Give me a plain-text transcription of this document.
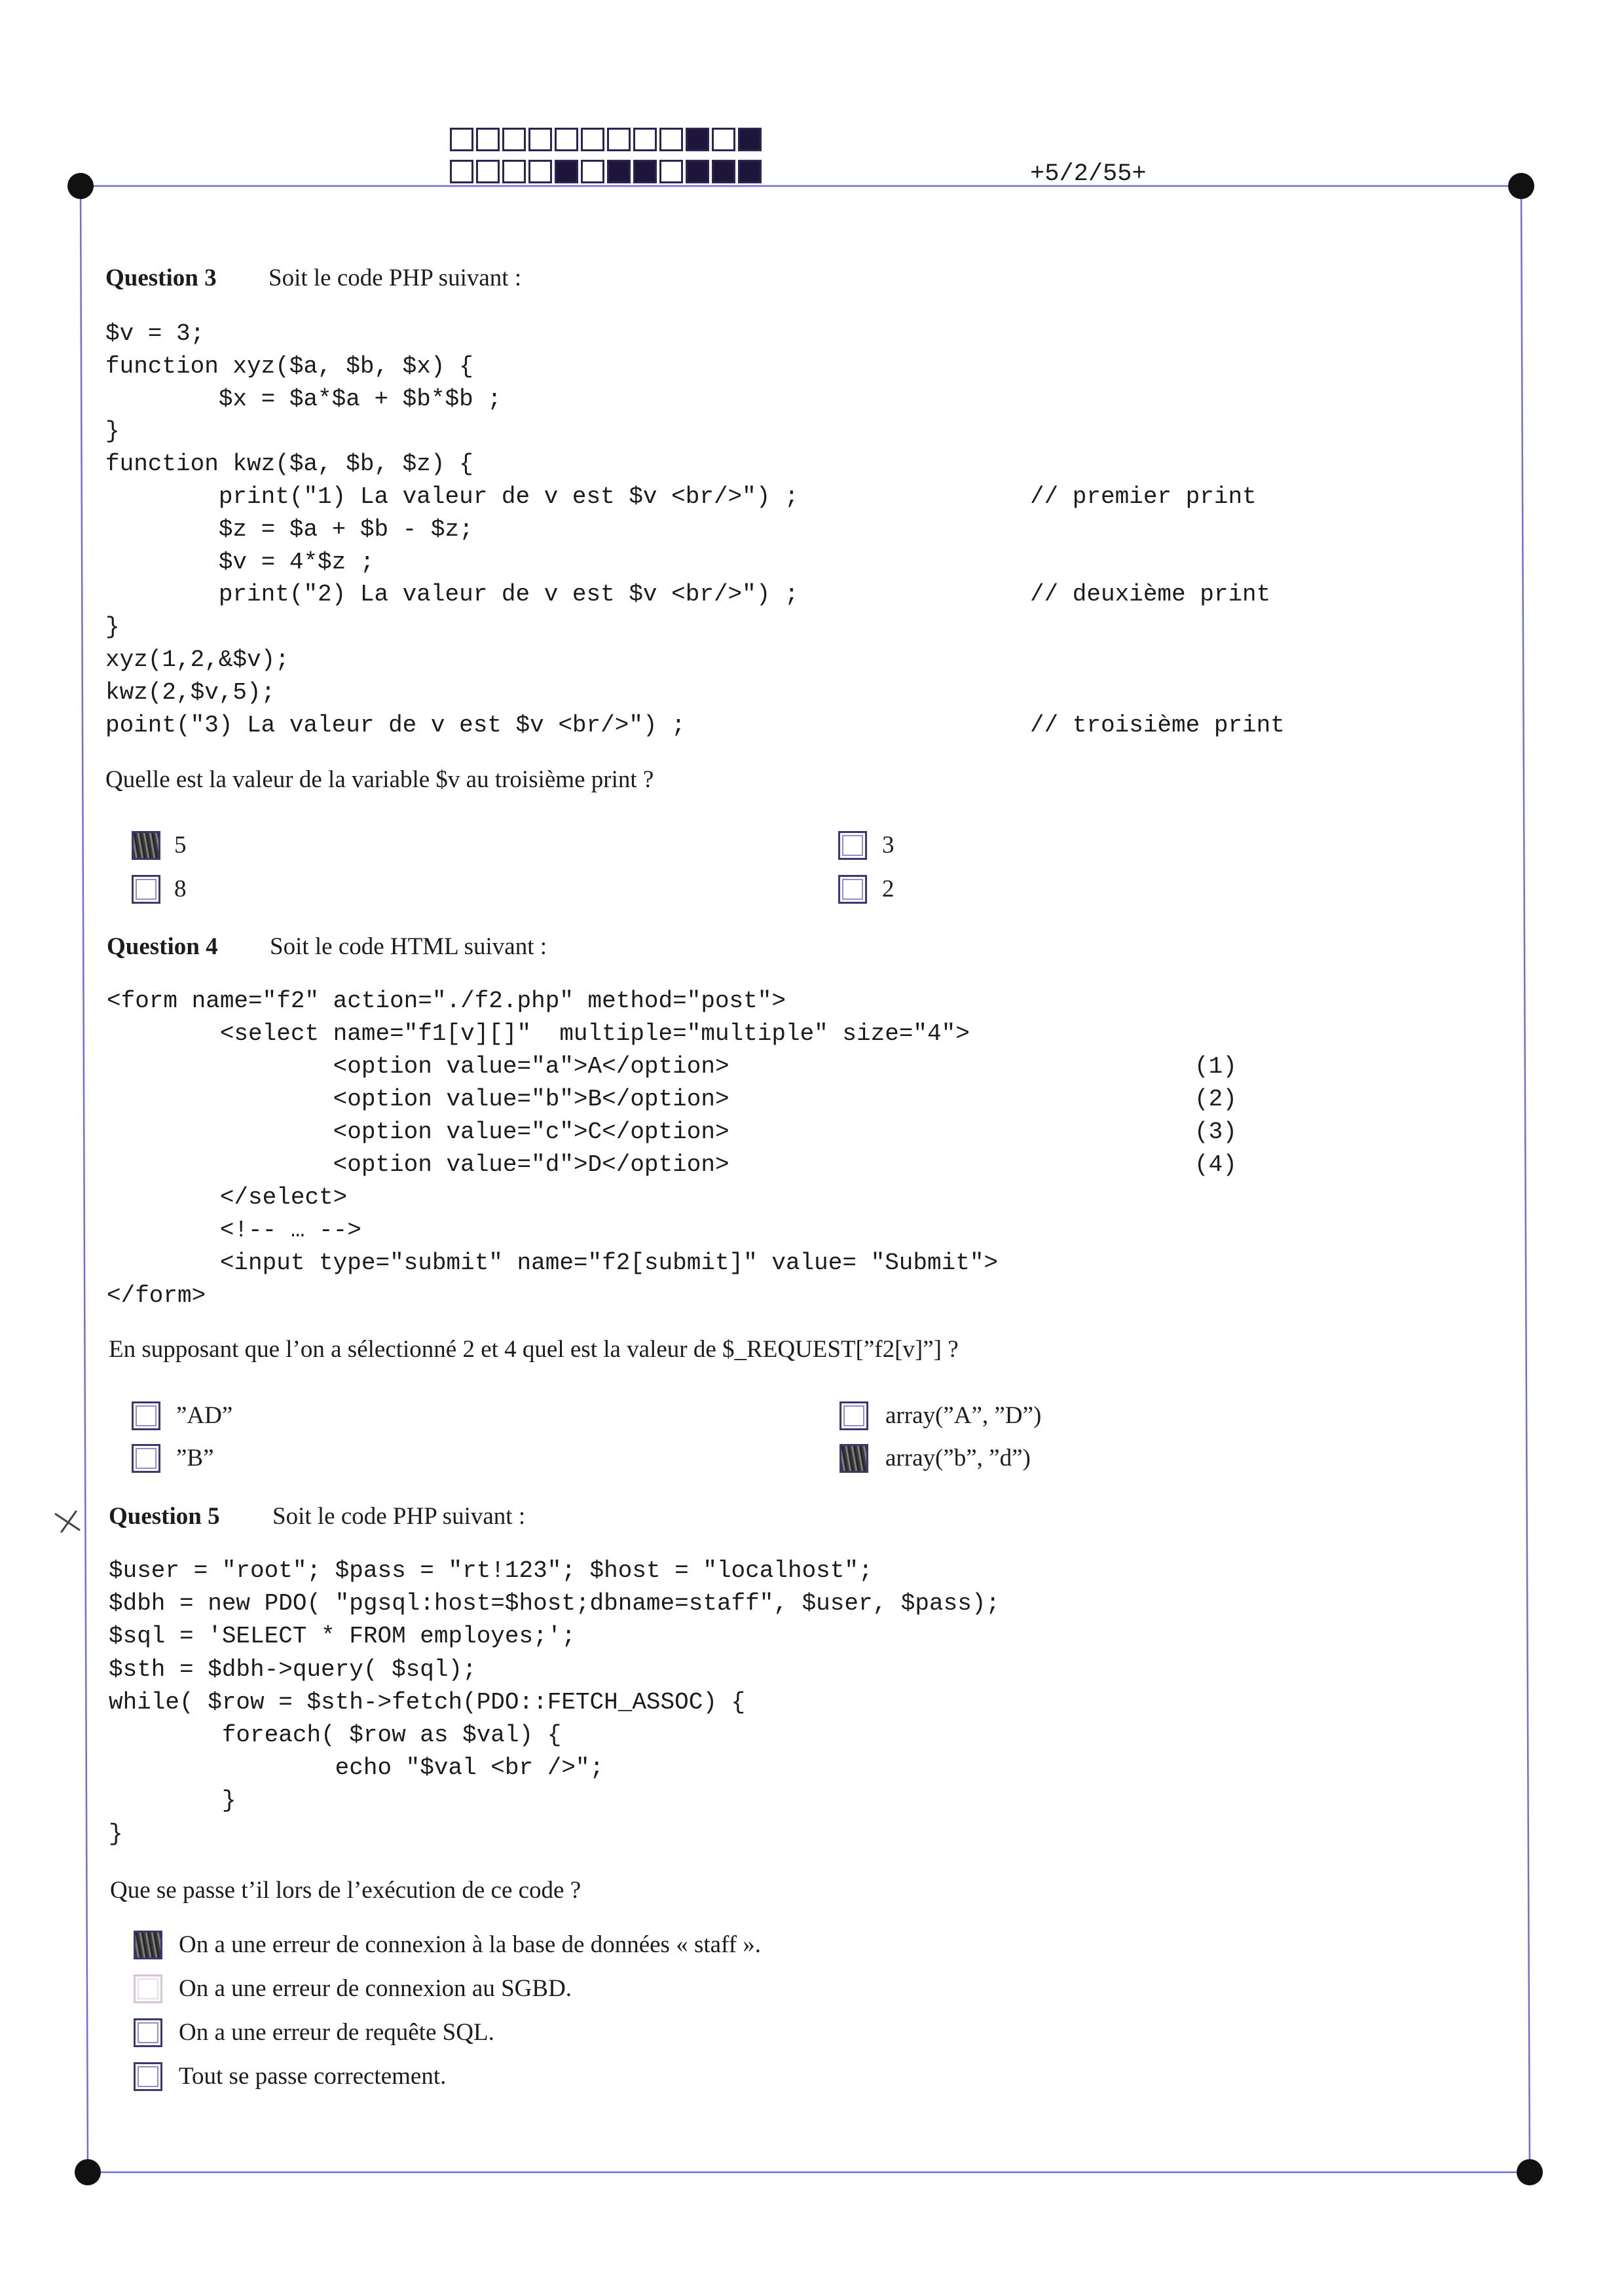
+5/2/55+
Question 3 Soit le code PHP suivant :
$v = 3;
function xyz($a, $b, $x) {
$x = $a*$a + $b*$b ;
}
function kwz($a, $b, $z) {
print("1) La valeur de v est $v <br/>") ;	// premier print
$z = $a + $b - $z;
$v = 4*$z ;
print("2) La valeur de v est $v <br/>") ;	// deuxième print
}
xyz(1,2,&$v);
kwz(2,$v,5);
point("3) La valeur de v est $v <br/>") ;	// troisième print
Quelle est la valeur de la variable $v au troisième print ?
5
8
3
2
Question 4 Soit le code HTML suivant :
<form name="f2" action="./f2.php" method="post">
<select name="f1[v][]"  multiple="multiple" size="4">
<option value="a">A</option>	(1)
<option value="b">B</option>	(2)
<option value="c">C</option>	(3)
<option value="d">D</option>	(4)
</select>
<!-- … -->
<input type="submit" name="f2[submit]" value= "Submit">
</form>
En supposant que l’on a sélectionné 2 et 4 quel est la valeur de $_REQUEST[”f2[v]”] ?
”AD”
”B”
array(”A”, ”D”)
array(”b”, ”d”)
Question 5 Soit le code PHP suivant :
$user = "root"; $pass = "rt!123"; $host = "localhost";
$dbh = new PDO( "pgsql:host=$host;dbname=staff", $user, $pass);
$sql = 'SELECT * FROM employes;';
$sth = $dbh->query( $sql);
while( $row = $sth->fetch(PDO::FETCH_ASSOC) {
foreach( $row as $val) {
echo "$val <br />";
}
}
Que se passe t’il lors de l’exécution de ce code ?
On a une erreur de connexion à la base de données « staff ».
On a une erreur de connexion au SGBD.
On a une erreur de requête SQL.
Tout se passe correctement.
